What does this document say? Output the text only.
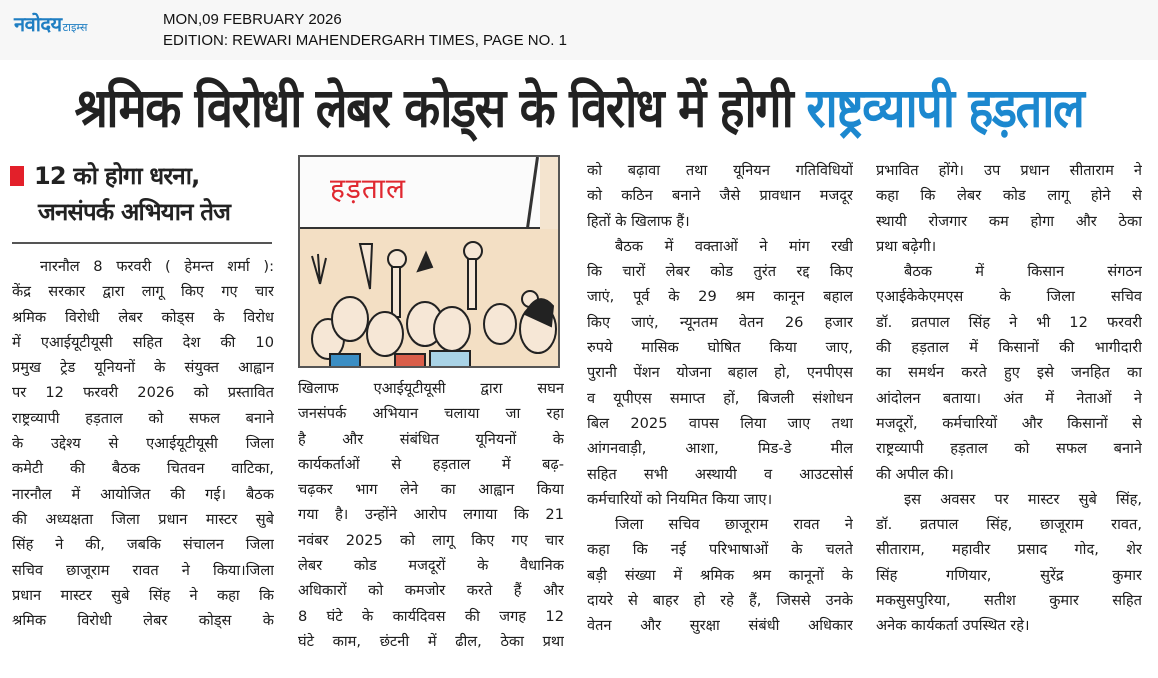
नवोदय टाइम्स	MON,09 FEBRUARY 2026
EDITION: REWARI MAHENDERGARH TIMES, PAGE NO. 1
श्रमिक विरोधी लेबर कोड्स के विरोध में होगी राष्ट्रव्यापी हड़ताल
12 को होगा धरना,
जनसंपर्क अभियान तेज
हड़ताल

नारनौल 8 फरवरी ( हेमन्त शर्मा ):

केंद्र सरकार द्वारा लागू किए गए चार

श्रमिक विरोधी लेबर कोड्स के विरोध

में एआईयूटीयूसी सहित देश की 10

प्रमुख ट्रेड यूनियनों के संयुक्त आह्वान

पर 12 फरवरी 2026 को प्रस्तावित

राष्ट्रव्यापी हड़ताल को सफल बनाने

के उद्देश्य से एआईयूटीयूसी जिला

कमेटी की बैठक चितवन वाटिका,

नारनौल में आयोजित की गई। बैठक

की अध्यक्षता जिला प्रधान मास्टर सुबे

सिंह ने की, जबकि संचालन जिला

सचिव छाजूराम रावत ने किया।जिला

प्रधान मास्टर सुबे सिंह ने कहा कि

श्रमिक विरोधी लेबर कोड्स के

खिलाफ एआईयूटीयूसी द्वारा सघन

जनसंपर्क अभियान चलाया जा रहा

है और संबंधित यूनियनों के

कार्यकर्ताओं से हड़ताल में बढ़-

चढ़कर भाग लेने का आह्वान किया

गया है। उन्होंने आरोप लगाया कि 21

नवंबर 2025 को लागू किए गए चार

लेबर कोड मजदूरों के वैधानिक

अधिकारों को कमजोर करते हैं और

8 घंटे के कार्यदिवस की जगह 12

घंटे काम, छंटनी में ढील, ठेका प्रथा

को बढ़ावा तथा यूनियन गतिविधियों

को कठिन बनाने जैसे प्रावधान मजदूर

हितों के खिलाफ हैं।

बैठक में वक्ताओं ने मांग रखी

कि चारों लेबर कोड तुरंत रद्द किए

जाएं, पूर्व के 29 श्रम कानून बहाल

किए जाएं, न्यूनतम वेतन 26 हजार

रुपये मासिक घोषित किया जाए,

पुरानी पेंशन योजना बहाल हो, एनपीएस

व यूपीएस समाप्त हों, बिजली संशोधन

बिल 2025 वापस लिया जाए तथा

आंगनवाड़ी, आशा, मिड-डे मील

सहित सभी अस्थायी व आउटसोर्स

कर्मचारियों को नियमित किया जाए।

जिला सचिव छाजूराम रावत ने

कहा कि नई परिभाषाओं के चलते

बड़ी संख्या में श्रमिक श्रम कानूनों के

दायरे से बाहर हो रहे हैं, जिससे उनके

वेतन और सुरक्षा संबंधी अधिकार

प्रभावित होंगे। उप प्रधान सीताराम ने

कहा कि लेबर कोड लागू होने से

स्थायी रोजगार कम होगा और ठेका

प्रथा बढ़ेगी।

बैठक में किसान संगठन

एआईकेकेएमएस के जिला सचिव

डॉ. व्रतपाल सिंह ने भी 12 फरवरी

की हड़ताल में किसानों की भागीदारी

का समर्थन करते हुए इसे जनहित का

आंदोलन बताया। अंत में नेताओं ने

मजदूरों, कर्मचारियों और किसानों से

राष्ट्रव्यापी हड़ताल को सफल बनाने

की अपील की।

इस अवसर पर मास्टर सुबे सिंह,

डॉ. व्रतपाल सिंह, छाजूराम रावत,

सीताराम, महावीर प्रसाद गोद, शेर

सिंह गणियार, सुरेंद्र कुमार

मकसुसपुरिया, सतीश कुमार सहित

अनेक कार्यकर्ता उपस्थित रहे।
